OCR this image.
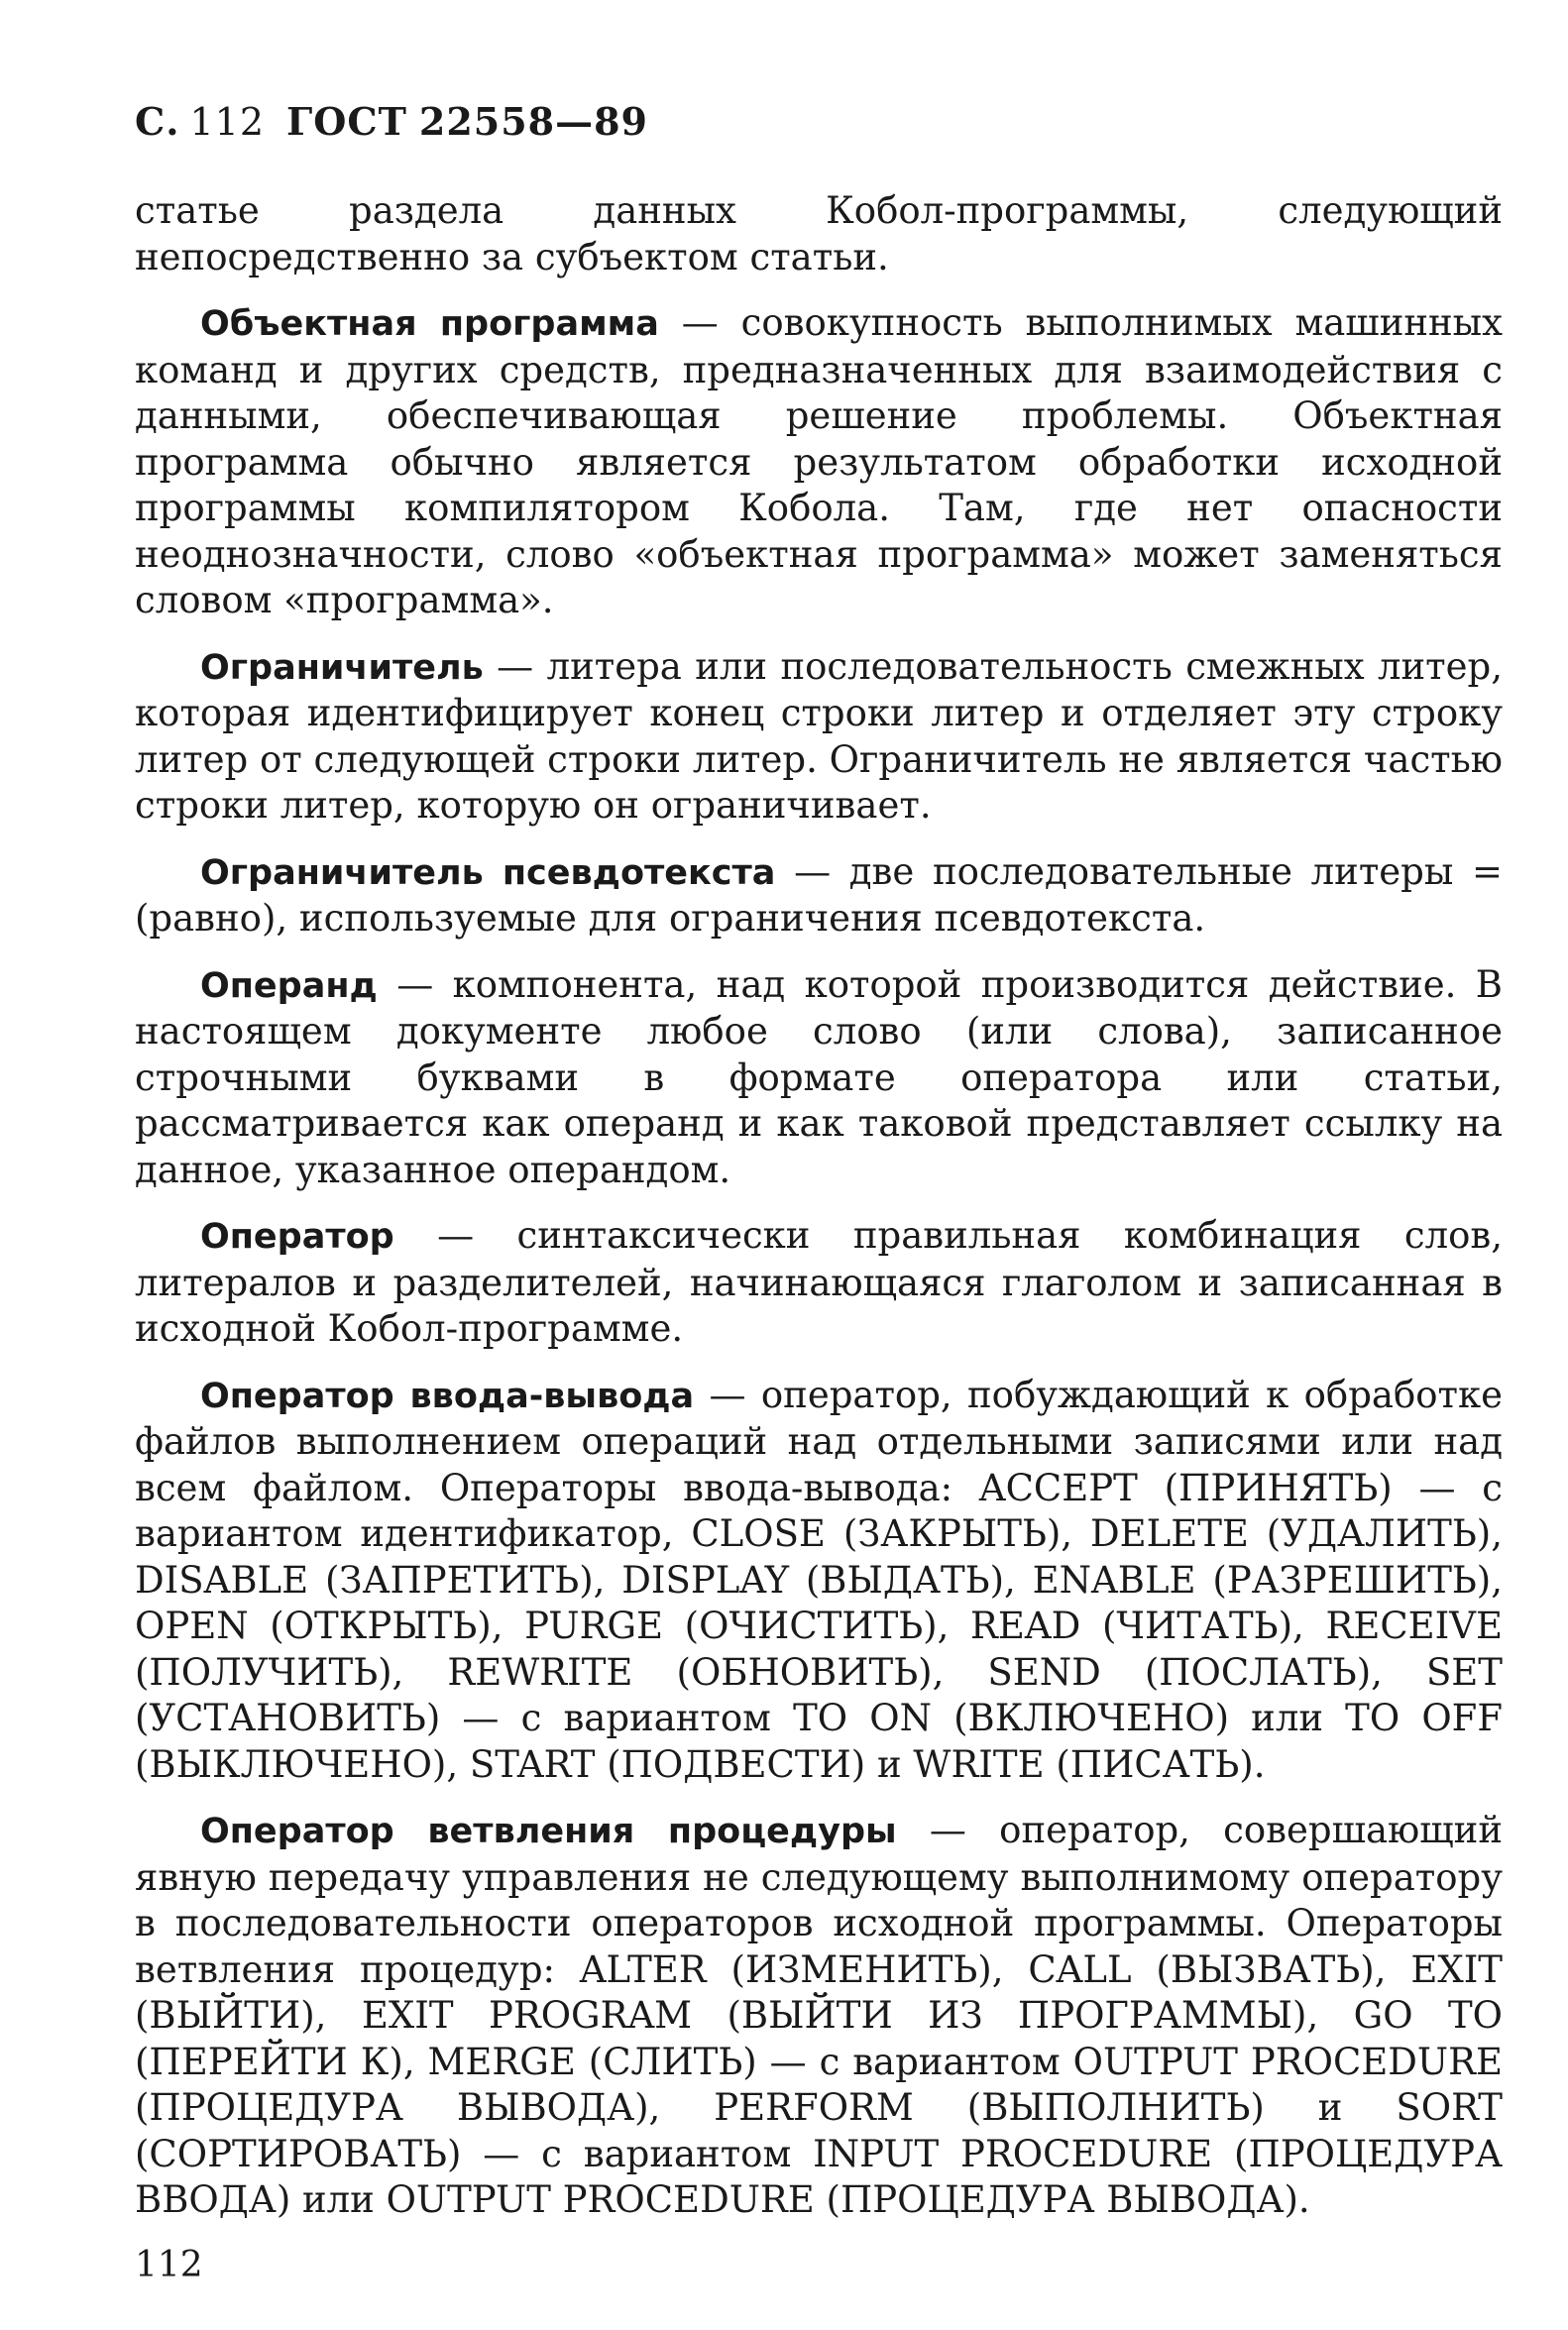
С. 112 ГОСТ 22558—89

статье раздела данных Кобол-программы, следующий непосредственно за субъектом статьи.

Объектная программа — совокупность выполнимых машинных команд и других средств, предназначенных для взаимодействия с данными, обеспечивающая решение проблемы. Объектная программа обычно является результатом обработки исходной программы компилятором Кобола. Там, где нет опасности неоднозначности, слово «объектная программа» может заменяться словом «программа».

Ограничитель — литера или последовательность смежных литер, которая идентифицирует конец строки литер и отделяет эту строку литер от следующей строки литер. Ограничитель не является частью строки литер, которую он ограничивает.

Ограничитель псевдотекста — две последовательные литеры = (равно), используемые для ограничения псевдотекста.

Операнд — компонента, над которой производится действие. В настоящем документе любое слово (или слова), записанное строчными буквами в формате оператора или статьи, рассматривается как операнд и как таковой представляет ссылку на данное, указанное операндом.

Оператор — синтаксически правильная комбинация слов, литералов и разделителей, начинающаяся глаголом и записанная в исходной Кобол-программе.

Оператор ввода-вывода — оператор, побуждающий к обработке файлов выполнением операций над отдельными записями или над всем файлом. Операторы ввода-вывода: ACCEPT (ПРИНЯТЬ) — с вариантом идентификатор, CLOSE (ЗАКРЫТЬ), DELETE (УДАЛИТЬ), DISABLE (ЗАПРЕТИТЬ), DISPLAY (ВЫДАТЬ), ENABLE (РАЗРЕШИТЬ), OPEN (ОТКРЫТЬ), PURGE (ОЧИСТИТЬ), READ (ЧИТАТЬ), RECEIVE (ПОЛУЧИТЬ), REWRITE (ОБНОВИТЬ), SEND (ПОСЛАТЬ), SET (УСТАНОВИТЬ) — с вариантом TO ON (ВКЛЮЧЕНО) или TO OFF (ВЫКЛЮЧЕНО), START (ПОДВЕСТИ) и WRITE (ПИСАТЬ).

Оператор ветвления процедуры — оператор, совершающий явную передачу управления не следующему выполнимому оператору в последовательности операторов исходной программы. Операторы ветвления процедур: ALTER (ИЗМЕНИТЬ), CALL (ВЫЗВАТЬ), EXIT (ВЫЙТИ), EXIT PROGRAM (ВЫЙТИ ИЗ ПРОГРАММЫ), GO TO (ПЕРЕЙТИ К), MERGE (СЛИТЬ) — с вариантом OUTPUT PROCEDURE (ПРОЦЕДУРА ВЫВОДА), PERFORM (ВЫПОЛНИТЬ) и SORT (СОРТИРОВАТЬ) — с вариантом INPUT PROCEDURE (ПРОЦЕДУРА ВВОДА) или OUTPUT PROCEDURE (ПРОЦЕДУРА ВЫВОДА).

112
